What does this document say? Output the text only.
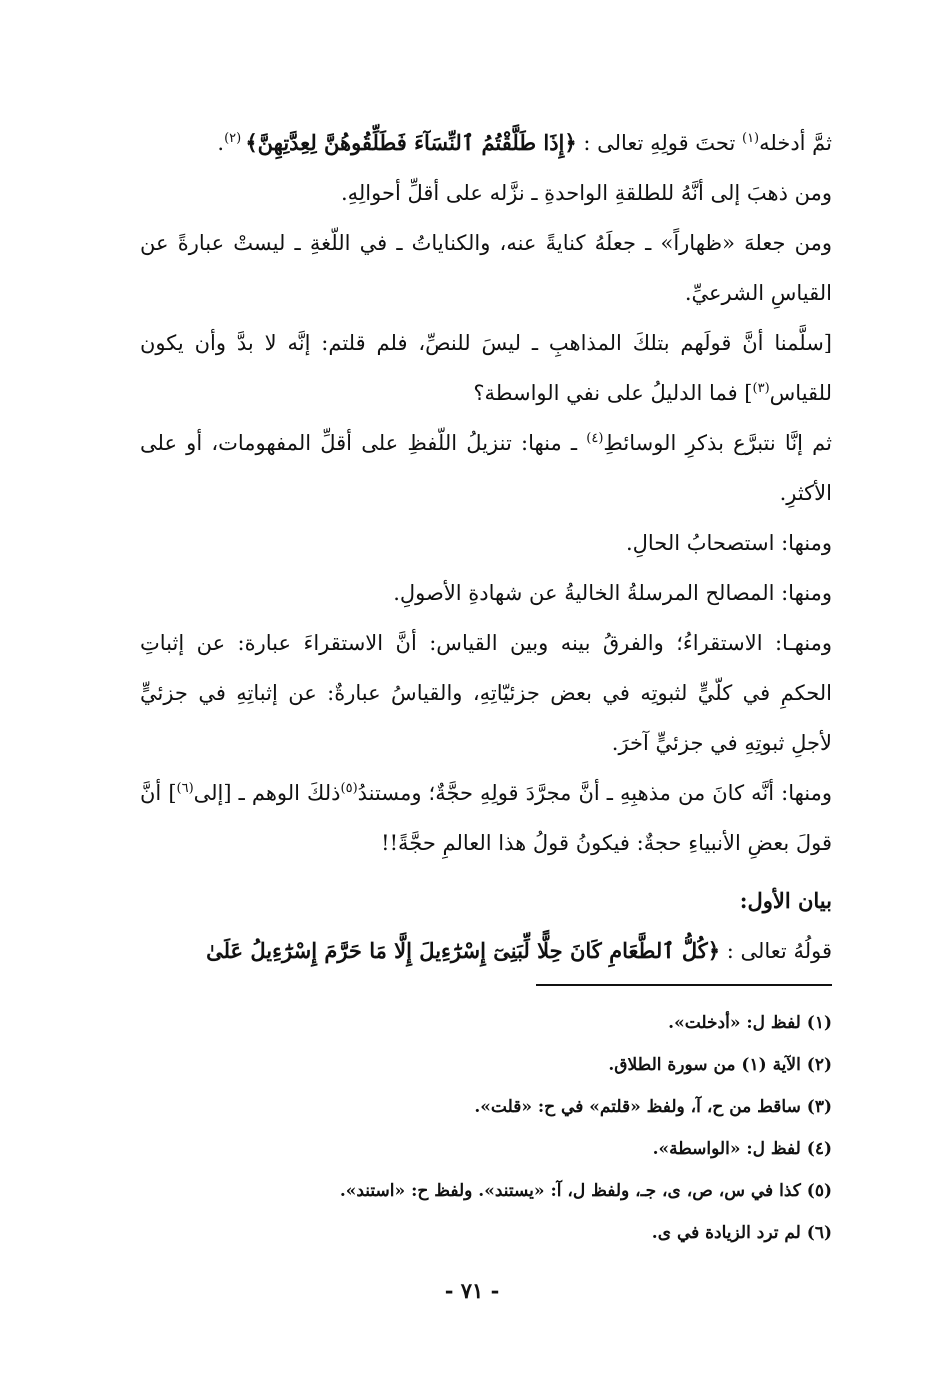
ثمَّ أدخله$^{(١)}$ تحتَ قولِهِ تعالى : ﴿إِذَا طَلَّقْتُمُ ٱلنِّسَآءَ فَطَلِّقُوهُنَّ لِعِدَّتِهِنَّ﴾ $^{(٢)}$.

ومن ذهبَ إلى أنَّهُ للطلقةِ الواحدةِ ـ نزَّله على أقلِّ أحوالِهِ.

ومن جعلهَ «ظهاراً» ـ جعلَهُ كنايةً عنه، والكناياتُ ـ في اللّغةِ ـ ليستْ عبارةً عن القياسِ الشرعيِّ.

[سلَّمنا أنَّ قولَهم بتلكَ المذاهبِ ـ ليسَ للنصِّ، فلم قلتم: إنَّه لا بدَّ وأن يكون للقياس$^{(٣)}$] فما الدليلُ على نفي الواسطة؟

ثم إنَّا نتبرَّع بذكرِ الوسائطِ$^{(٤)}$ ـ منها: تنزيلُ اللّفظِ على أقلِّ المفهومات، أو على الأكثرِ.

ومنها: استصحابُ الحالِ.

ومنها: المصالح المرسلةُ الخاليةُ عن شهادةِ الأصولِ.

ومنهـا: الاستقراءُ؛ والفرقُ بينه وبين القياس: أنَّ الاستقراءَ عبارة: عن إثباتِ الحكمِ في كلّيٍّ لثبوتِه في بعض جزئيّاتِهِ، والقياسُ عبارةٌ: عن إثباتِهِ في جزئيٍّ لأجلِ ثبوتِهِ في جزئيٍّ آخرَ.

ومنها: أنَّه كانَ من مذهبِهِ ـ أنَّ مجرَّدَ قولِهِ حجَّةٌ؛ ومستندُ$^{(٥)}$ذلكَ الوهم ـ [إلى$^{(٦)}$] أنَّ قولَ بعضِ الأنبياءِ حجةٌ: فيكونُ قولُ هذا العالمِ حجَّةً!!

بيان الأول:

قولُهُ تعالى : ﴿كُلُّ ٱلطَّعَامِ كَانَ حِلًّا لِّبَنِىٓ إِسْرَٰٓءِيلَ إِلَّا مَا حَرَّمَ إِسْرَٰٓءِيلُ عَلَىٰ

(١) لفظ ل: «أدخلت».

(٢) الآية (١) من سورة الطلاق.

(٣) ساقط من ح، آ، ولفظ «قلتم» في ح: «قلت».

(٤) لفظ ل: «الواسطة».

(٥) كذا في س، ص، ى، جـ، ولفظ ل، آ: «يستند». ولفظ ح: «استند».

(٦) لم ترد الزيادة في ى.

- ٧١ -
